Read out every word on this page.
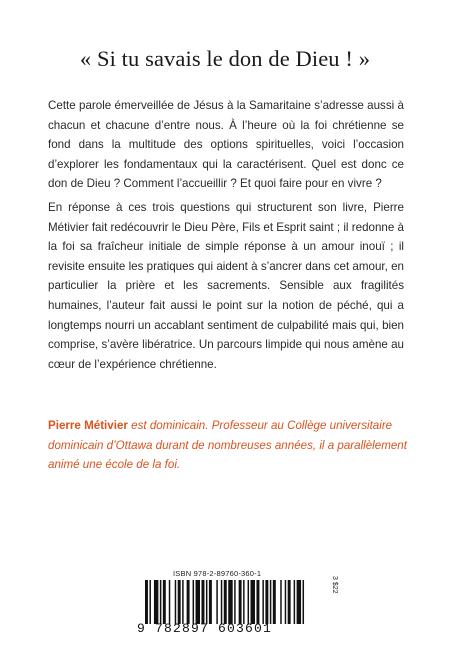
« Si tu savais le don de Dieu ! »
Cette parole émerveillée de Jésus à la Samaritaine s’adresse aussi à chacun et chacune d’entre nous. À l’heure où la foi chrétienne se fond dans la multitude des options spirituelles, voici l’occasion d’explorer les fondamentaux qui la caractérisent. Quel est donc ce don de Dieu ? Comment l’accueillir ? Et quoi faire pour en vivre ?
En réponse à ces trois questions qui structurent son livre, Pierre Métivier fait redécouvrir le Dieu Père, Fils et Esprit saint ; il redonne à la foi sa fraîcheur initiale de simple réponse à un amour inouï ; il revisite ensuite les pratiques qui aident à s’ancrer dans cet amour, en particulier la prière et les sacrements. Sensible aux fragilités humaines, l’auteur fait aussi le point sur la notion de péché, qui a longtemps nourri un accablant sentiment de culpabilité mais qui, bien comprise, s’avère libératrice. Un parcours limpide qui nous amène au cœur de l’expérience chrétienne.
Pierre Métivier est dominicain. Professeur au Collège universitaire dominicain d’Ottawa durant de nombreuses années, il a parallèlement animé une école de la foi.
ISBN 978-2-89760-360-1
9 782897 603601
3 $22
